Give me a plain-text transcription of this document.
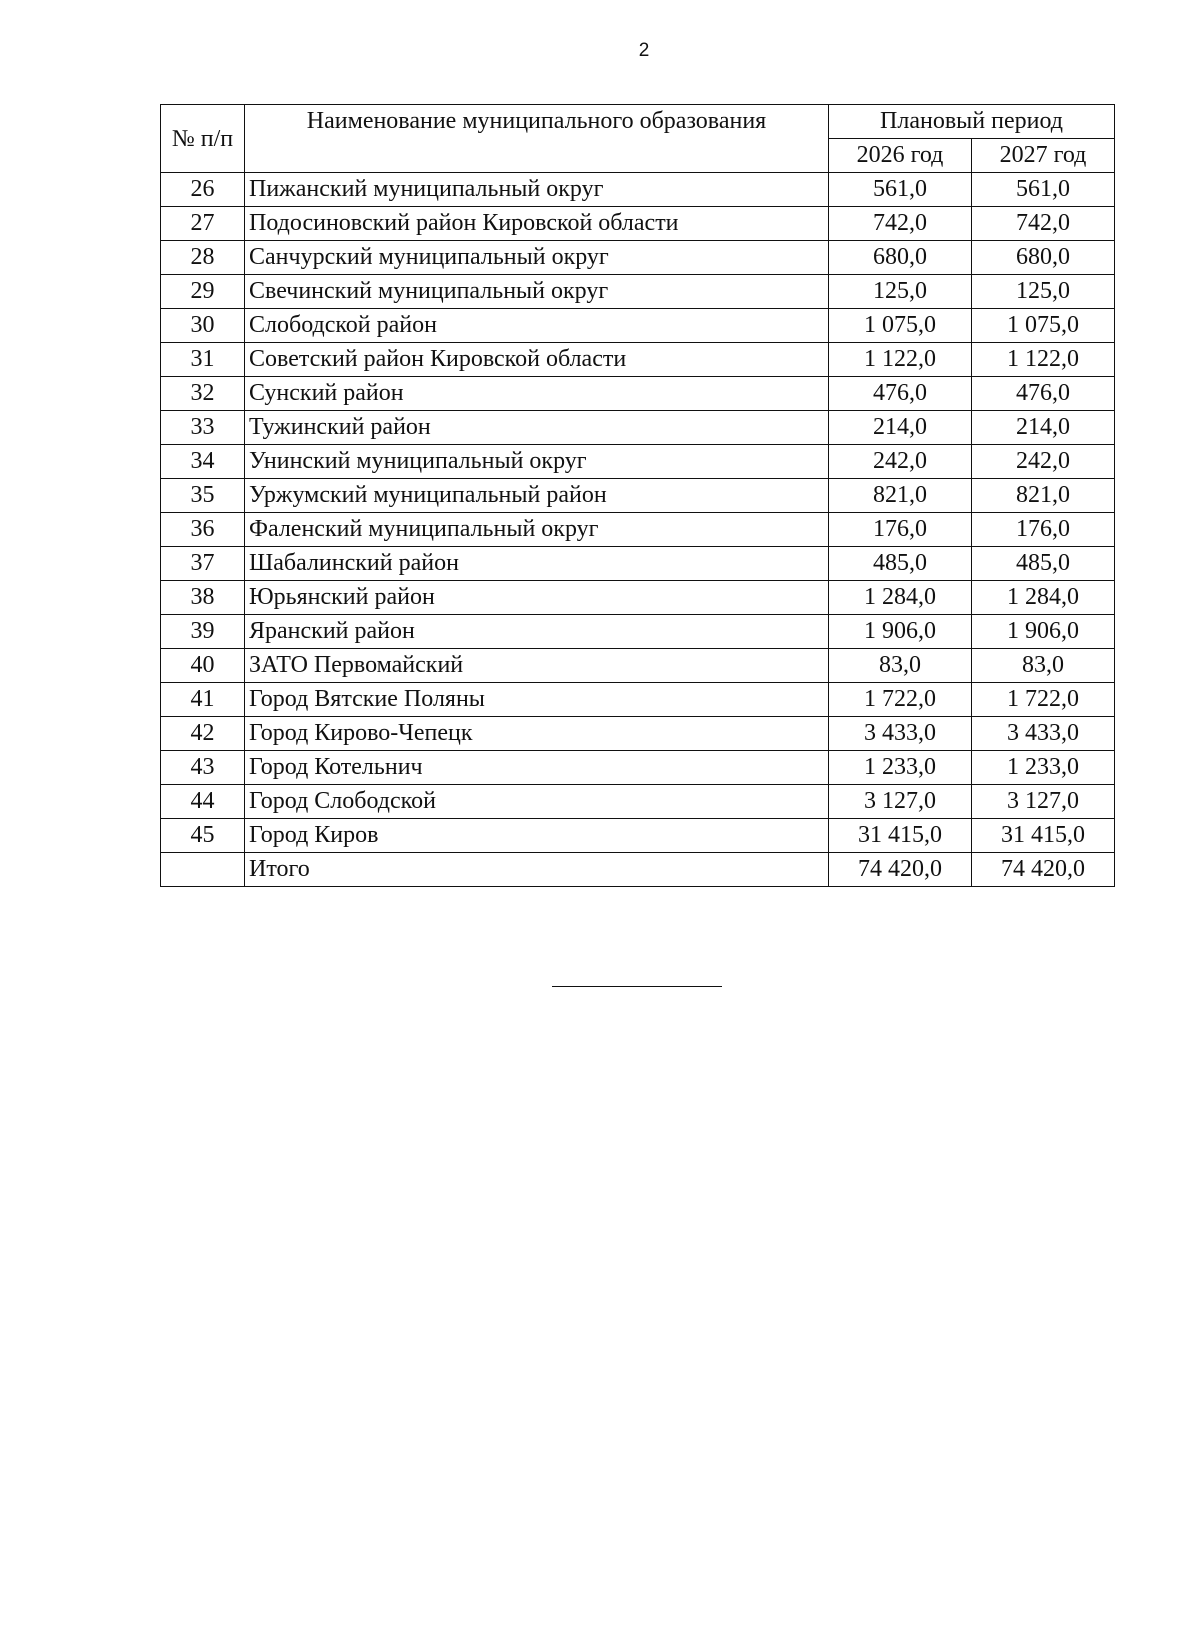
2
№ п/п	Наименование муниципального образования	Плановый период	
		2026 год	2027 год
26	Пижанский муниципальный округ	561,0	561,0
27	Подосиновский район Кировской области	742,0	742,0
28	Санчурский муниципальный округ	680,0	680,0
29	Свечинский муниципальный округ	125,0	125,0
30	Слободской район	1 075,0	1 075,0
31	Советский район Кировской области	1 122,0	1 122,0
32	Сунский район	476,0	476,0
33	Тужинский район	214,0	214,0
34	Унинский муниципальный округ	242,0	242,0
35	Уржумский муниципальный район	821,0	821,0
36	Фаленский муниципальный округ	176,0	176,0
37	Шабалинский район	485,0	485,0
38	Юрьянский район	1 284,0	1 284,0
39	Яранский район	1 906,0	1 906,0
40	ЗАТО Первомайский	83,0	83,0
41	Город Вятские Поляны	1 722,0	1 722,0
42	Город Кирово-Чепецк	3 433,0	3 433,0
43	Город Котельнич	1 233,0	1 233,0
44	Город Слободской	3 127,0	3 127,0
45	Город Киров	31 415,0	31 415,0
	Итого	74 420,0	74 420,0
